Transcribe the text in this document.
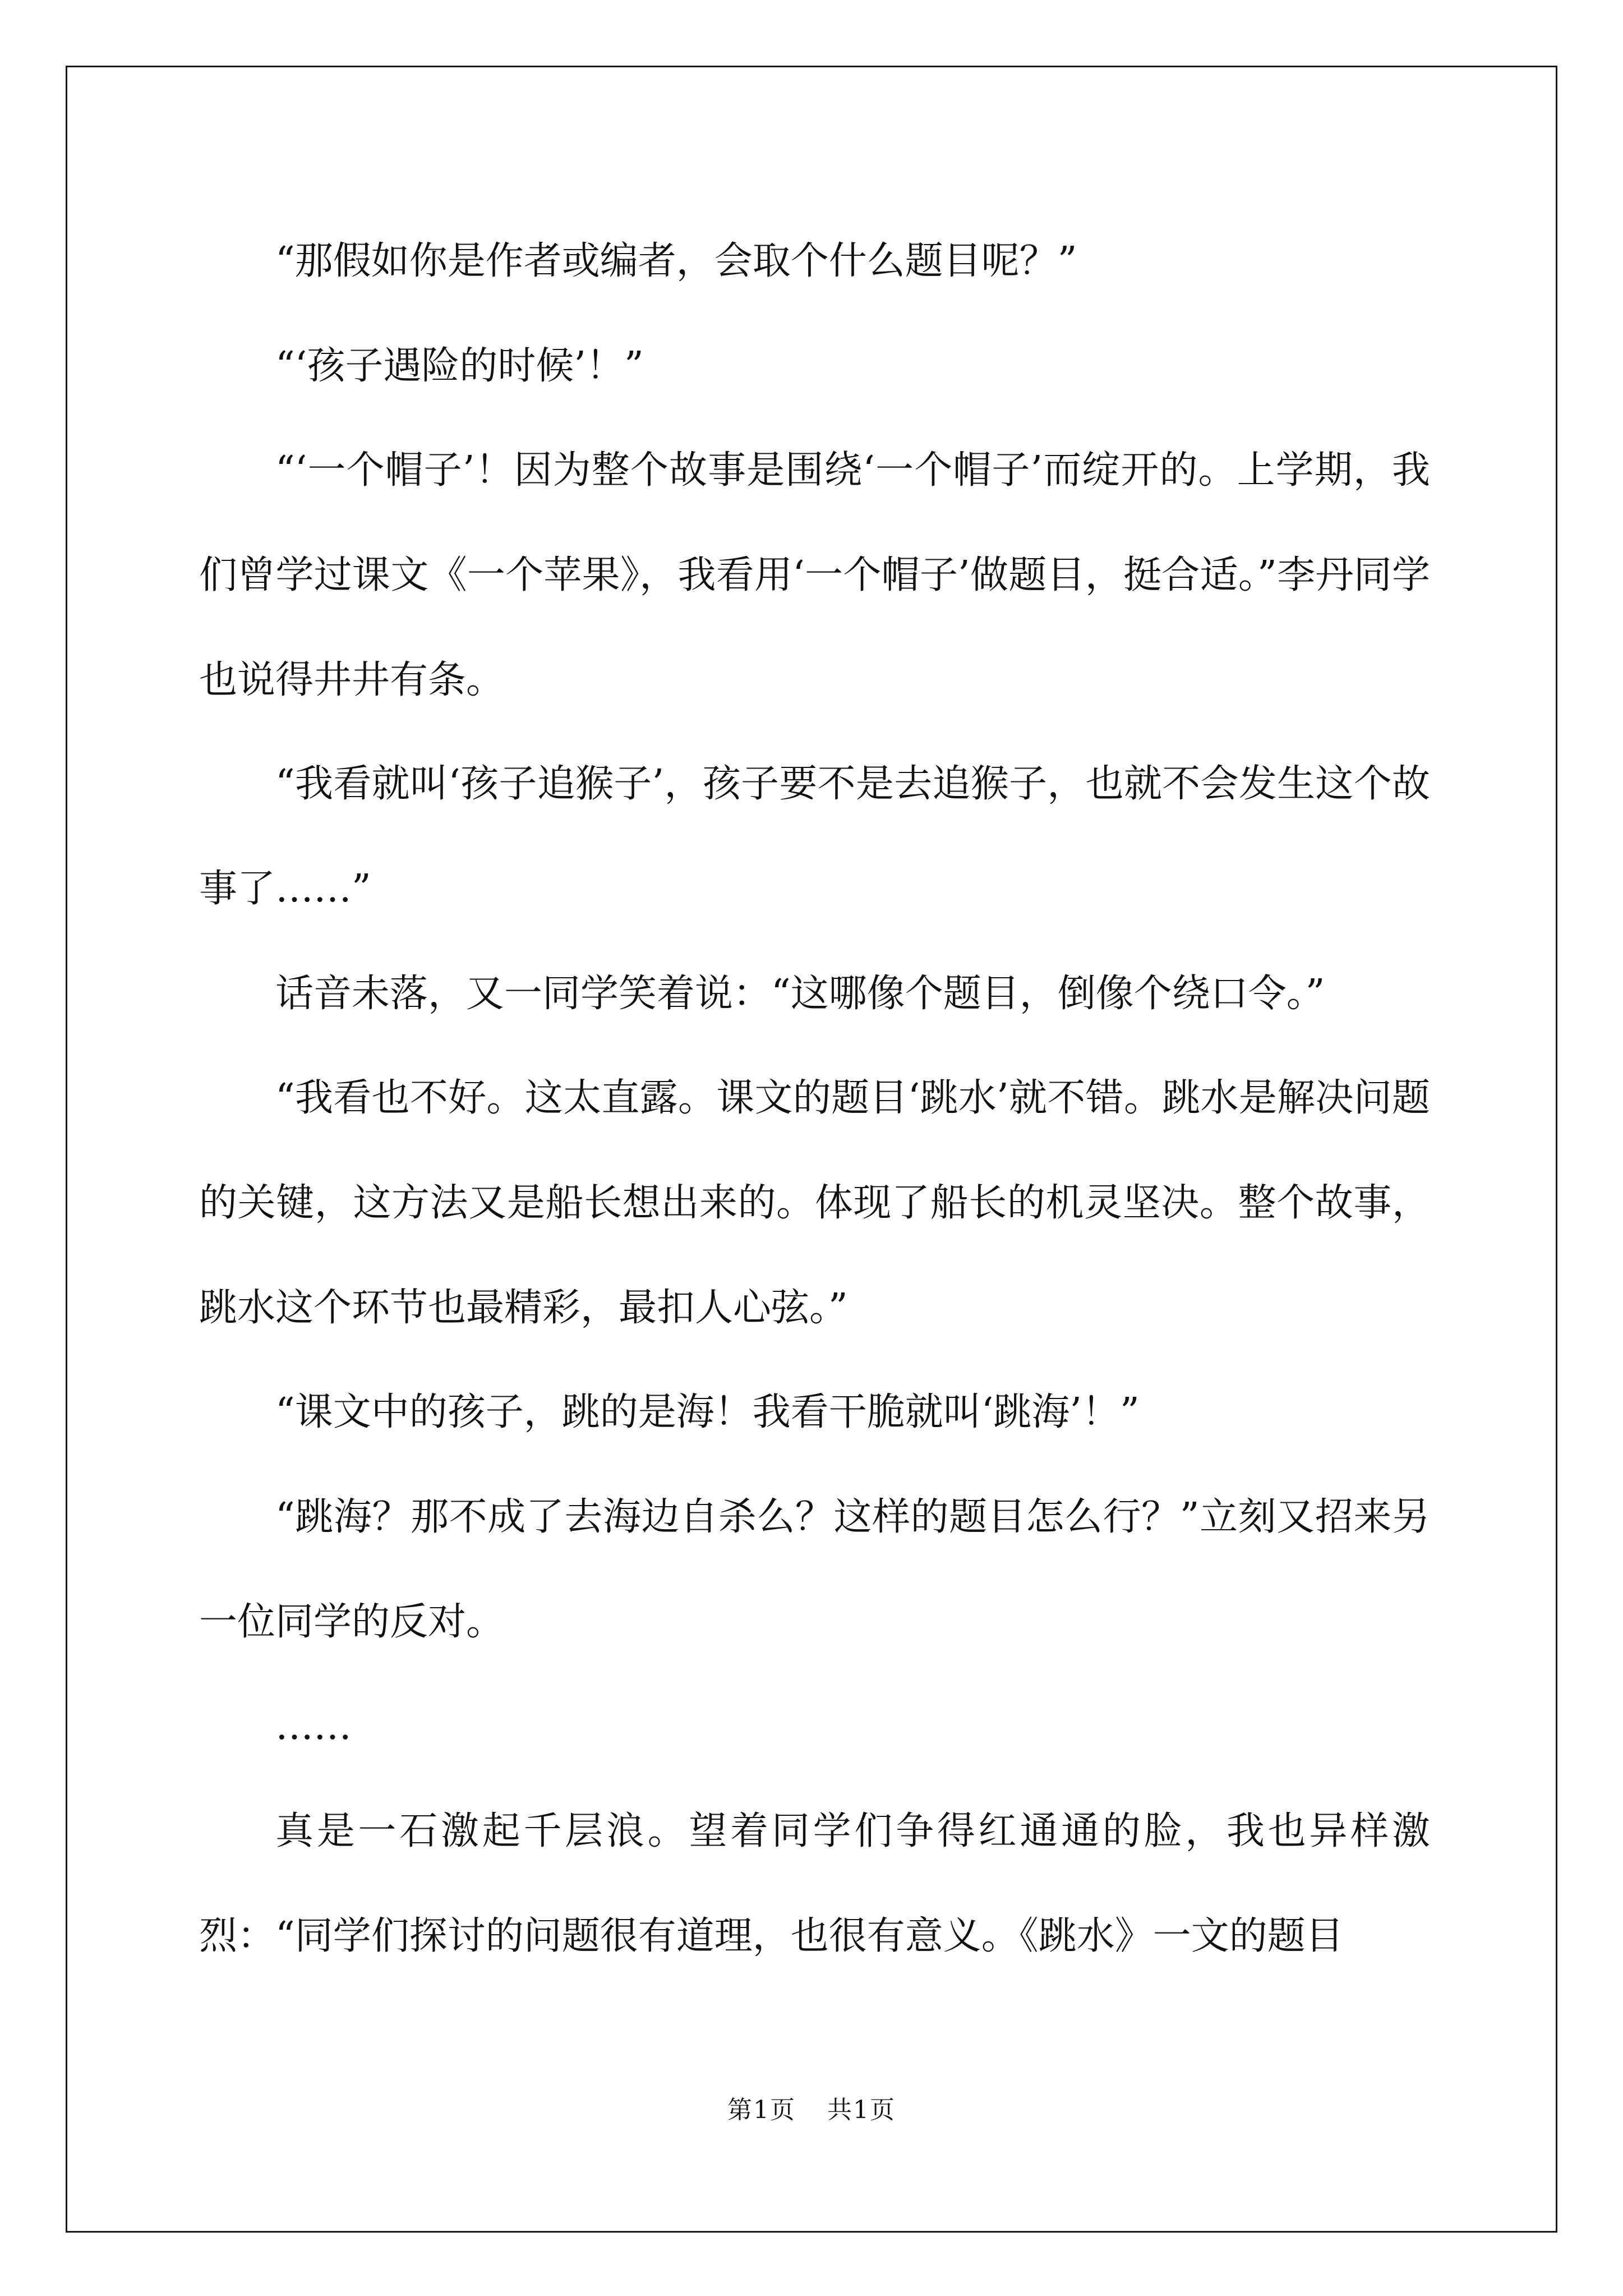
“那假如你是作者或编者，会取个什么题目呢？”

“‘孩子遇险的时候’！”

“‘一个帽子’！因为整个故事是围绕‘一个帽子’而绽开的。上学期，我们曾学过课文《一个苹果》，我看用‘一个帽子’做题目，挺合适。”李丹同学也说得井井有条。

“我看就叫‘孩子追猴子’，孩子要不是去追猴子，也就不会发生这个故事了……”

话音未落，又一同学笑着说：“这哪像个题目，倒像个绕口令。”

“我看也不好。这太直露。课文的题目‘跳水’就不错。跳水是解决问题的关键，这方法又是船长想出来的。体现了船长的机灵坚决。整个故事，跳水这个环节也最精彩，最扣人心弦。”

“课文中的孩子，跳的是海！我看干脆就叫‘跳海’！”

“跳海？那不成了去海边自杀么？这样的题目怎么行？”立刻又招来另一位同学的反对。

……

真是一石激起千层浪。望着同学们争得红通通的脸，我也异样激烈：“同学们探讨的问题很有道理，也很有意义。《跳水》一文的题目

第1页 共1页
